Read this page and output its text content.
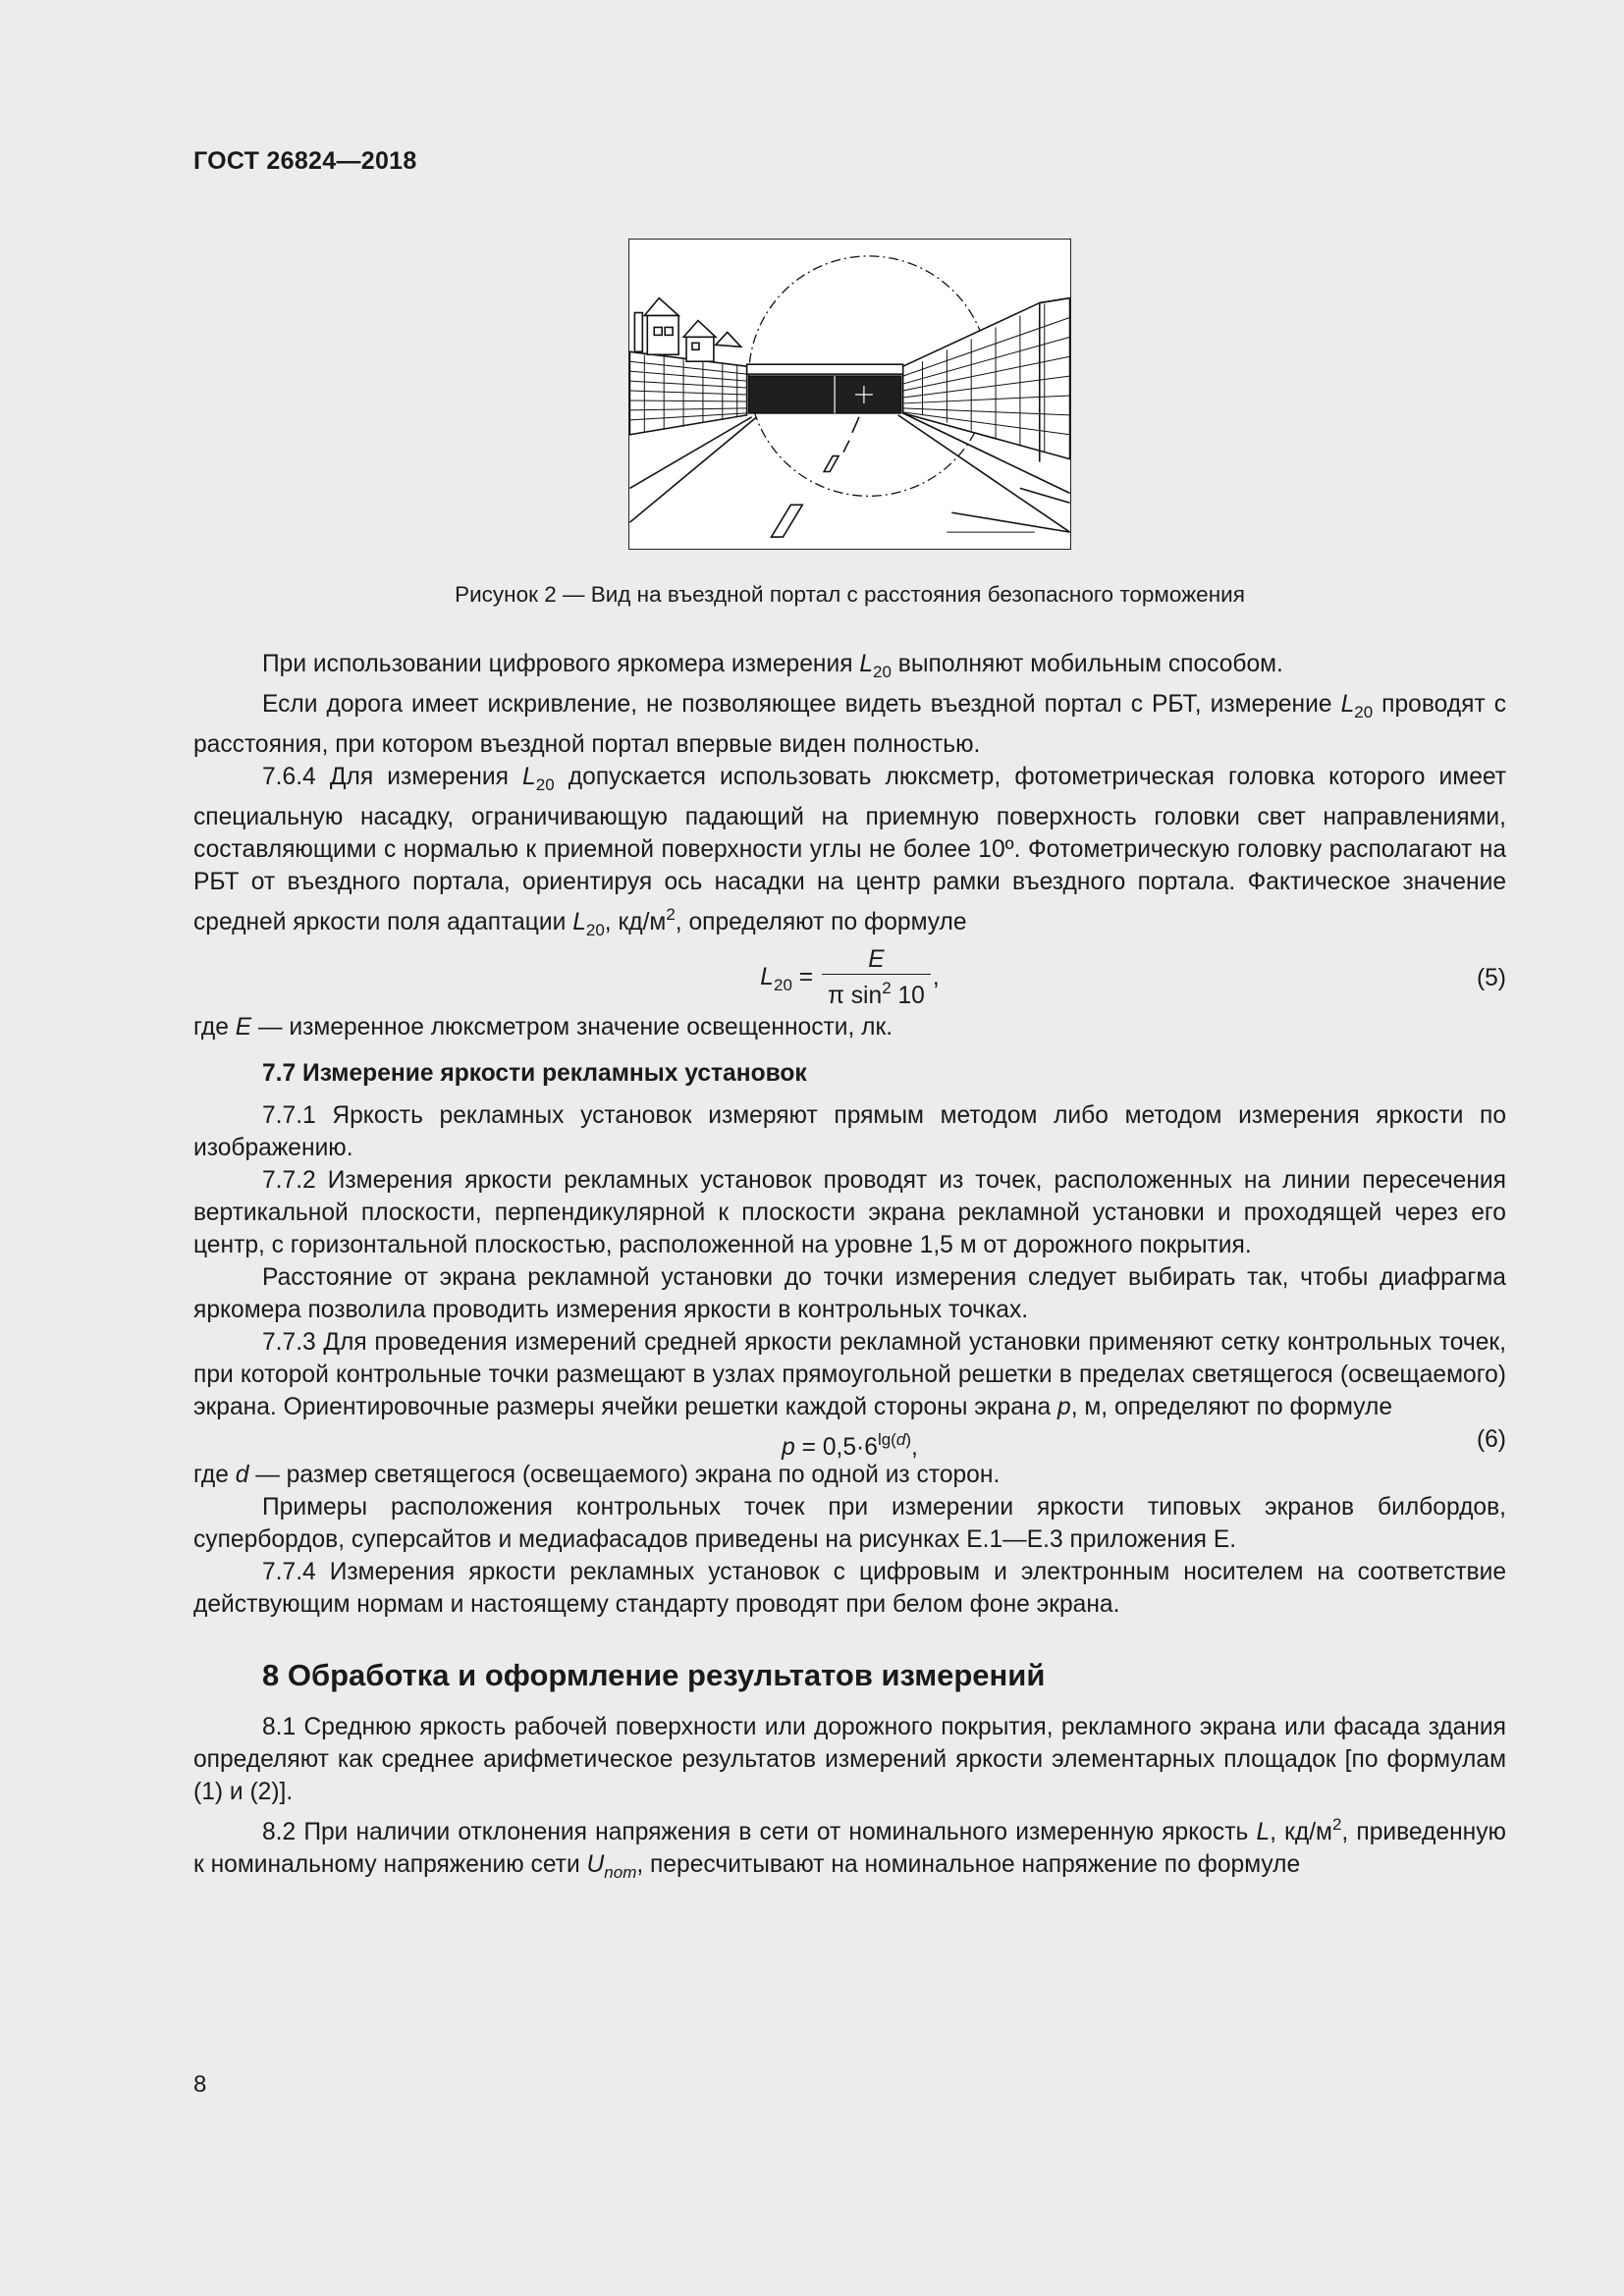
ГОСТ 26824—2018
Рисунок 2 — Вид на въездной портал с расстояния безопасного торможения

При использовании цифрового яркомера измерения $L_{20}$ выполняют мобильным способом.

Если дорога имеет искривление, не позволяющее видеть въездной портал с РБТ, измерение $L_{20}$ проводят с расстояния, при котором въездной портал впервые виден полностью.

7.6.4 Для измерения $L_{20}$ допускается использовать люксметр, фотометрическая головка которого имеет специальную насадку, ограничивающую падающий на приемную поверхность головки свет направлениями, составляющими с нормалью к приемной поверхности углы не более 10º. Фотометрическую головку располагают на РБТ от въездного портала, ориентируя ось насадки на центр рамки въездного портала. Фактическое значение средней яркости поля адаптации $L_{20}$, $кд/м^2$, определяют по формуле

$L_{20} = \frac{E}{\pi \sin^2 10}$ ,	(5)

где E — измеренное люксметром значение освещенности, лк.

7.7 Измерение яркости рекламных установок

7.7.1 Яркость рекламных установок измеряют прямым методом либо методом измерения яркости по изображению.

7.7.2 Измерения яркости рекламных установок проводят из точек, расположенных на линии пересечения вертикальной плоскости, перпендикулярной к плоскости экрана рекламной установки и проходящей через его центр, с горизонтальной плоскостью, расположенной на уровне 1,5 м от дорожного покрытия.

Расстояние от экрана рекламной установки до точки измерения следует выбирать так, чтобы диафрагма яркомера позволила проводить измерения яркости в контрольных точках.

7.7.3 Для проведения измерений средней яркости рекламной установки применяют сетку контрольных точек, при которой контрольные точки размещают в узлах прямоугольной решетки в пределах светящегося (освещаемого) экрана. Ориентировочные размеры ячейки решетки каждой стороны экрана p, м, определяют по формуле

$p = 0,5\cdot 6^{lg(d)}$,	(6)

где d — размер светящегося (освещаемого) экрана по одной из сторон.

Примеры расположения контрольных точек при измерении яркости типовых экранов билбордов, супербордов, суперсайтов и медиафасадов приведены на рисунках Е.1—Е.3 приложения Е.

7.7.4 Измерения яркости рекламных установок с цифровым и электронным носителем на соответствие действующим нормам и настоящему стандарту проводят при белом фоне экрана.

8 Обработка и оформление результатов измерений

8.1 Среднюю яркость рабочей поверхности или дорожного покрытия, рекламного экрана или фасада здания определяют как среднее арифметическое результатов измерений яркости элементарных площадок [по формулам (1) и (2)].

8.2 При наличии отклонения напряжения в сети от номинального измеренную яркость L, $кд/м^2$, приведенную к номинальному напряжению сети $U_{nom}$, пересчитывают на номинальное напряжение по формуле

8
